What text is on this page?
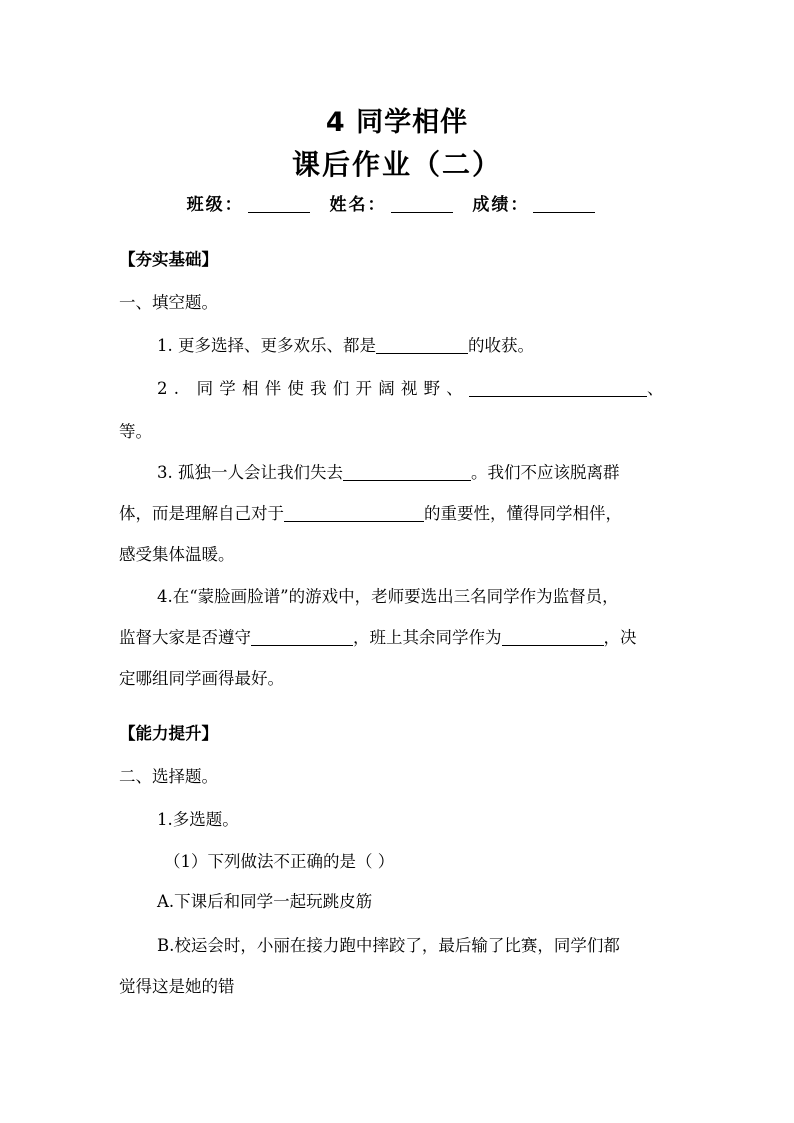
4 同学相伴
课后作业（二）
班级：	姓名：	成绩：
【夯实基础】
一、填空题。
1. 更多选择、更多欢乐、都是	的收获。
2. 同学相伴使我们开阔视野、	、
等。
3. 孤独一人会让我们失去	。我们不应该脱离群
体，而是理解自己对于	的重要性，懂得同学相伴，
感受集体温暖。
4.在“蒙脸画脸谱”的游戏中，老师要选出三名同学作为监督员，
监督大家是否遵守	，班上其余同学作为	，决
定哪组同学画得最好。
【能力提升】
二、选择题。
1.多选题。
（1）下列做法不正确的是（ ）
A.下课后和同学一起玩跳皮筋
B.校运会时，小丽在接力跑中摔跤了，最后输了比赛，同学们都
觉得这是她的错
